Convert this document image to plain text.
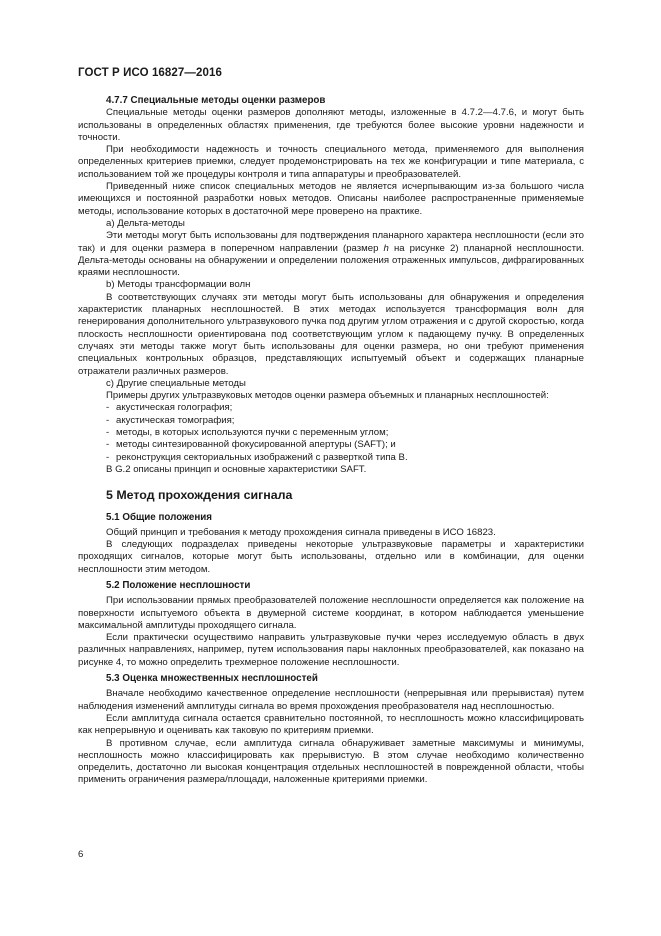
ГОСТ Р ИСО 16827—2016
4.7.7 Специальные методы оценки размеров

Специальные методы оценки размеров дополняют методы, изложенные в 4.7.2—4.7.6, и могут быть использованы в определенных областях применения, где требуются более высокие уровни надежности и точности.

При необходимости надежность и точность специального метода, применяемого для выполнения определенных критериев приемки, следует продемонстрировать на тех же конфигурации и типе материала, с использованием той же процедуры контроля и типа аппаратуры и преобразователей.

Приведенный ниже список специальных методов не является исчерпывающим из-за большого числа имеющихся и постоянной разработки новых методов. Описаны наиболее распространенные применяемые методы, использование которых в достаточной мере проверено на практике.

а) Дельта-методы

Эти методы могут быть использованы для подтверждения планарного характера несплошности (если это так) и для оценки размера в поперечном направлении (размер h на рисунке 2) планарной несплошности. Дельта-методы основаны на обнаружении и определении положения отраженных импульсов, дифрагированных краями несплошности.

b) Методы трансформации волн

В соответствующих случаях эти методы могут быть использованы для обнаружения и определения характеристик планарных несплошностей. В этих методах используется трансформация волн для генерирования дополнительного ультразвукового пучка под другим углом отражения и с другой скоростью, когда плоскость несплошности ориентирована под соответствующим углом к падающему пучку. В определенных случаях эти методы также могут быть использованы для оценки размера, но они требуют применения специальных контрольных образцов, представляющих испытуемый объект и содержащих планарные отражатели различных размеров.

с) Другие специальные методы

Примеры других ультразвуковых методов оценки размера объемных и планарных несплошностей:

- акустическая голография;
- акустическая томография;
- методы, в которых используются пучки с переменным углом;
- методы синтезированной фокусированной апертуры (SAFT); и
- реконструкция секториальных изображений с разверткой типа В.

В G.2 описаны принцип и основные характеристики SAFT.

5 Метод прохождения сигнала
5.1 Общие положения

Общий принцип и требования к методу прохождения сигнала приведены в ИСО 16823.

В следующих подразделах приведены некоторые ультразвуковые параметры и характеристики проходящих сигналов, которые могут быть использованы, отдельно или в комбинации, для оценки несплошности этим методом.

5.2 Положение несплошности

При использовании прямых преобразователей положение несплошности определяется как положение на поверхности испытуемого объекта в двумерной системе координат, в котором наблюдается уменьшение максимальной амплитуды проходящего сигнала.

Если практически осуществимо направить ультразвуковые пучки через исследуемую область в двух различных направлениях, например, путем использования пары наклонных преобразователей, как показано на рисунке 4, то можно определить трехмерное положение несплошности.

5.3 Оценка множественных несплошностей

Вначале необходимо качественное определение несплошности (непрерывная или прерывистая) путем наблюдения изменений амплитуды сигнала во время прохождения преобразователя над несплошностью.

Если амплитуда сигнала остается сравнительно постоянной, то несплошность можно классифицировать как непрерывную и оценивать как таковую по критериям приемки.

В противном случае, если амплитуда сигнала обнаруживает заметные максимумы и минимумы, несплошность можно классифицировать как прерывистую. В этом случае необходимо количественно определить, достаточно ли высокая концентрация отдельных несплошностей в поврежденной области, чтобы применить ограничения размера/площади, наложенные критериями приемки.

6
